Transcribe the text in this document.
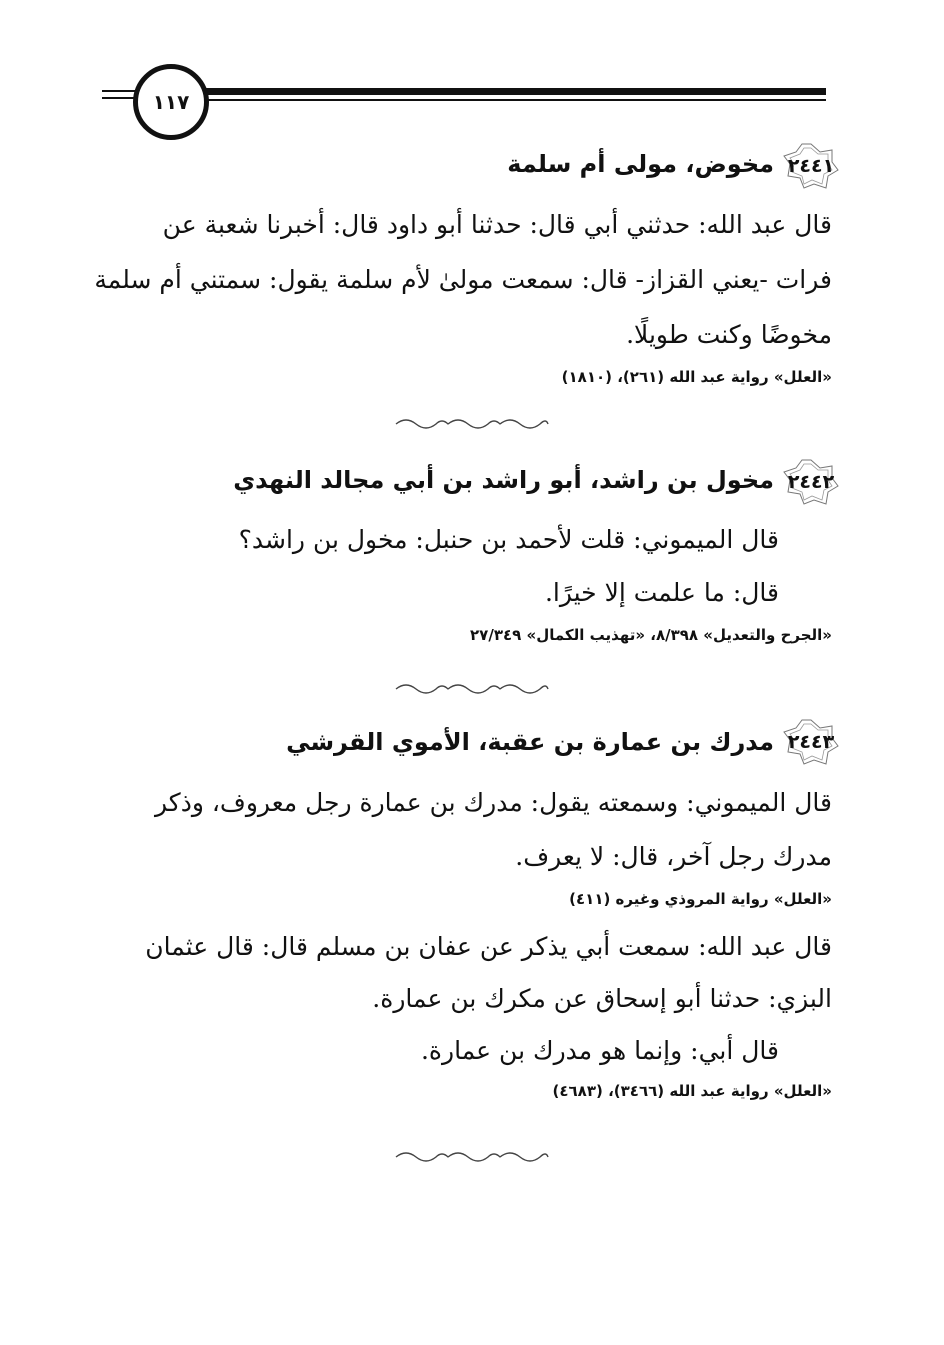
١١٧
٢٤٤١
مخوض، مولى أم سلمة
قال عبد الله: حدثني أبي قال: حدثنا أبو داود قال: أخبرنا شعبة عن
فرات -يعني القزاز- قال: سمعت مولىٰ لأم سلمة يقول: سمتني أم سلمة
مخوضًا وكنت طويلًا.
«العلل» رواية عبد الله (٢٦١)، (١٨١٠)
٢٤٤٢
مخول بن راشد، أبو راشد بن أبي مجالد النهدي
قال الميموني: قلت لأحمد بن حنبل: مخول بن راشد؟
قال: ما علمت إلا خيرًا.
«الجرح والتعديل» ٨/٣٩٨، «تهذيب الكمال» ٢٧/٣٤٩
٢٤٤٣
مدرك بن عمارة بن عقبة، الأموي القرشي
قال الميموني: وسمعته يقول: مدرك بن عمارة رجل معروف، وذكر
مدرك رجل آخر، قال: لا يعرف.
«العلل» رواية المروذي وغيره (٤١١)
قال عبد الله: سمعت أبي يذكر عن عفان بن مسلم قال: قال عثمان
البزي: حدثنا أبو إسحاق عن مكرك بن عمارة.
قال أبي: وإنما هو مدرك بن عمارة.
«العلل» رواية عبد الله (٣٤٦٦)، (٤٦٨٣)
